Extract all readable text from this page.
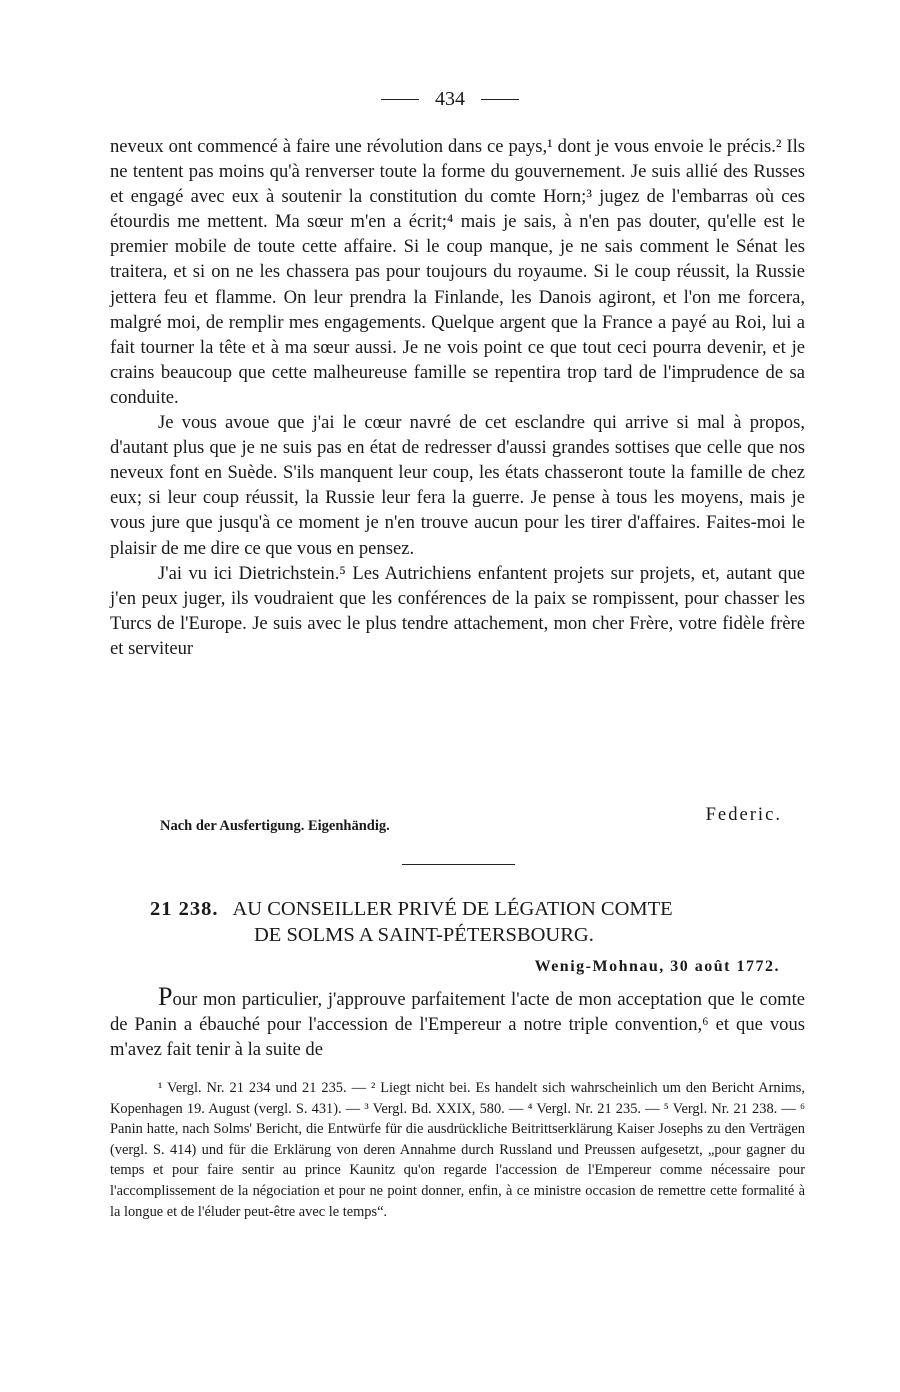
434

neveux ont commencé à faire une révolution dans ce pays,¹ dont je vous envoie le précis.² Ils ne tentent pas moins qu'à renverser toute la forme du gouvernement. Je suis allié des Russes et engagé avec eux à soutenir la constitution du comte Horn;³ jugez de l'embarras où ces étourdis me mettent. Ma sœur m'en a écrit;⁴ mais je sais, à n'en pas douter, qu'elle est le premier mobile de toute cette affaire. Si le coup manque, je ne sais comment le Sénat les traitera, et si on ne les chassera pas pour toujours du royaume. Si le coup réussit, la Russie jettera feu et flamme. On leur prendra la Finlande, les Danois agiront, et l'on me forcera, malgré moi, de remplir mes engagements. Quelque argent que la France a payé au Roi, lui a fait tourner la tête et à ma sœur aussi. Je ne vois point ce que tout ceci pourra devenir, et je crains beaucoup que cette malheureuse famille se repentira trop tard de l'imprudence de sa conduite.

Je vous avoue que j'ai le cœur navré de cet esclandre qui arrive si mal à propos, d'autant plus que je ne suis pas en état de redresser d'aussi grandes sottises que celle que nos neveux font en Suède. S'ils manquent leur coup, les états chasseront toute la famille de chez eux; si leur coup réussit, la Russie leur fera la guerre. Je pense à tous les moyens, mais je vous jure que jusqu'à ce moment je n'en trouve aucun pour les tirer d'affaires. Faites-moi le plaisir de me dire ce que vous en pensez.

J'ai vu ici Dietrichstein.⁵ Les Autrichiens enfantent projets sur projets, et, autant que j'en peux juger, ils voudraient que les conférences de la paix se rompissent, pour chasser les Turcs de l'Europe. Je suis avec le plus tendre attachement, mon cher Frère, votre fidèle frère et serviteur

Federic.
Nach der Ausfertigung. Eigenhändig.
21 238. AU CONSEILLER PRIVÉ DE LÉGATION COMTE
DE SOLMS A SAINT-PÉTERSBOURG.
Wenig-Mohnau, 30 août 1772.

Pour mon particulier, j'approuve parfaitement l'acte de mon acceptation que le comte de Panin a ébauché pour l'accession de l'Empereur a notre triple convention,⁶ et que vous m'avez fait tenir à la suite de

¹ Vergl. Nr. 21 234 und 21 235. — ² Liegt nicht bei. Es handelt sich wahrscheinlich um den Bericht Arnims, Kopenhagen 19. August (vergl. S. 431). — ³ Vergl. Bd. XXIX, 580. — ⁴ Vergl. Nr. 21 235. — ⁵ Vergl. Nr. 21 238. — ⁶ Panin hatte, nach Solms' Bericht, die Entwürfe für die ausdrückliche Beitrittserklärung Kaiser Josephs zu den Verträgen (vergl. S. 414) und für die Erklärung von deren Annahme durch Russland und Preussen aufgesetzt, „pour gagner du temps et pour faire sentir au prince Kaunitz qu'on regarde l'accession de l'Empereur comme nécessaire pour l'accomplissement de la négociation et pour ne point donner, enfin, à ce ministre occasion de remettre cette formalité à la longue et de l'éluder peut-être avec le temps“.
